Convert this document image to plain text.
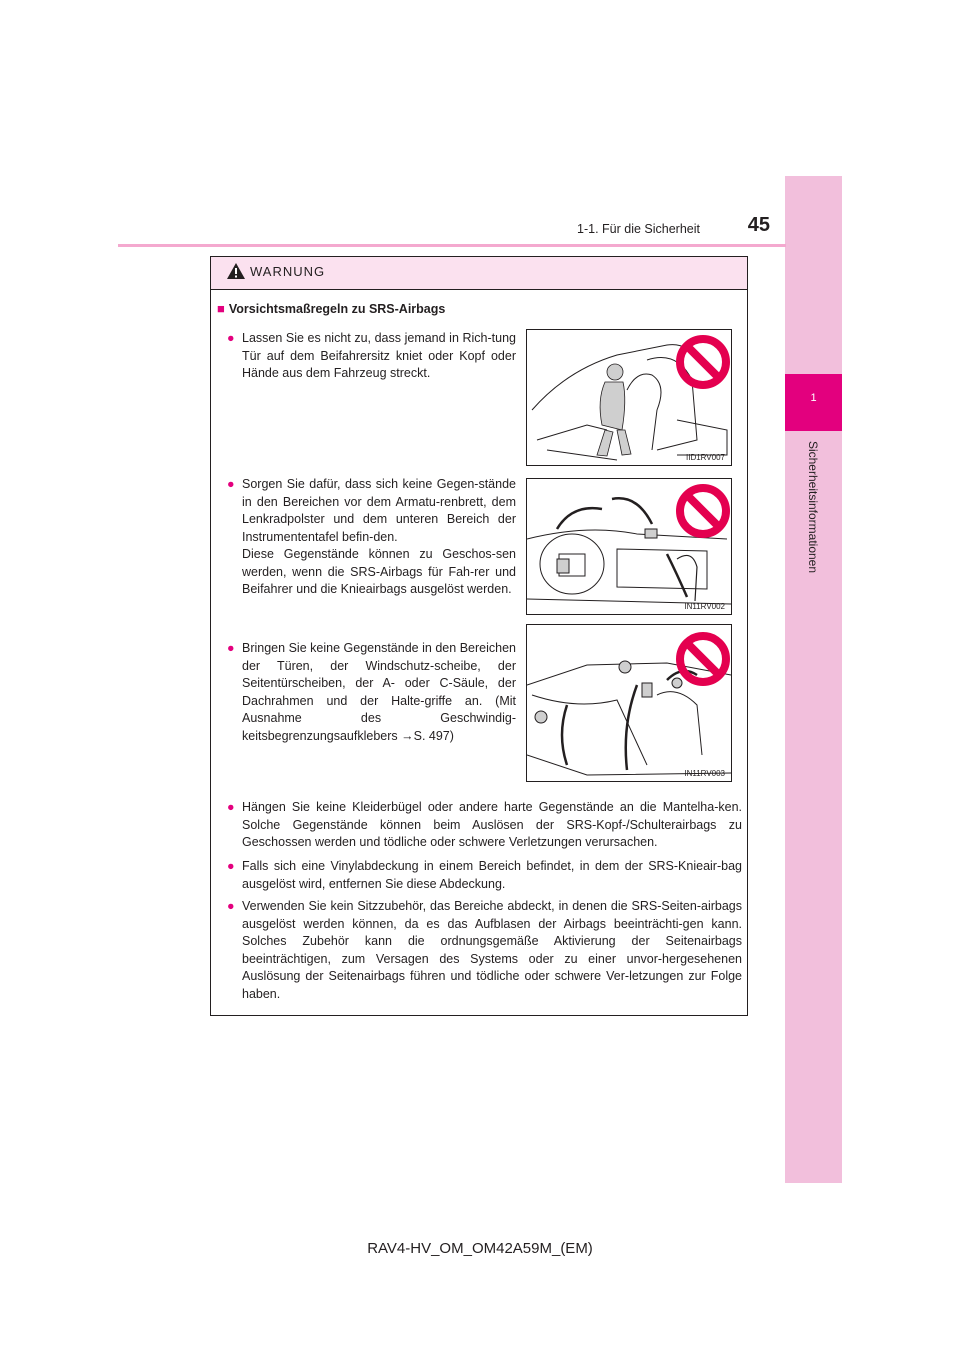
1
Sicherheitsinformationen
1-1. Für die Sicherheit	45
WARNUNG
■ Vorsichtsmaßregeln zu SRS-Airbags
● Lassen Sie es nicht zu, dass jemand in Rich-tung Tür auf dem Beifahrersitz kniet oder Kopf oder Hände aus dem Fahrzeug streckt.
IID1RV007
● Sorgen Sie dafür, dass sich keine Gegen-stände in den Bereichen vor dem Armatu-renbrett, dem Lenkradpolster und dem unteren Bereich der Instrumententafel befin-den.
Diese Gegenstände können zu Geschos-sen werden, wenn die SRS-Airbags für Fah-rer und Beifahrer und die Knieairbags ausgelöst werden.
IN11RV002
● Bringen Sie keine Gegenstände in den Bereichen der Türen, der Windschutz-scheibe, der Seitentürscheiben, der A- oder C-Säule, der Dachrahmen und der Halte-griffe an. (Mit Ausnahme des Geschwindig-keitsbegrenzungsaufklebers →S. 497)
IN11RV003
● Hängen Sie keine Kleiderbügel oder andere harte Gegenstände an die Mantelha-ken. Solche Gegenstände können beim Auslösen der SRS-Kopf-/Schulterairbags zu Geschossen werden und tödliche oder schwere Verletzungen verursachen.
● Falls sich eine Vinylabdeckung in einem Bereich befindet, in dem der SRS-Knieair-bag ausgelöst wird, entfernen Sie diese Abdeckung.
● Verwenden Sie kein Sitzzubehör, das Bereiche abdeckt, in denen die SRS-Seiten-airbags ausgelöst werden können, da es das Aufblasen der Airbags beeinträchti-gen kann. Solches Zubehör kann die ordnungsgemäße Aktivierung der Seitenairbags beeinträchtigen, zum Versagen des Systems oder zu einer unvor-hergesehenen Auslösung der Seitenairbags führen und tödliche oder schwere Ver-letzungen zur Folge haben.
RAV4-HV_OM_OM42A59M_(EM)
